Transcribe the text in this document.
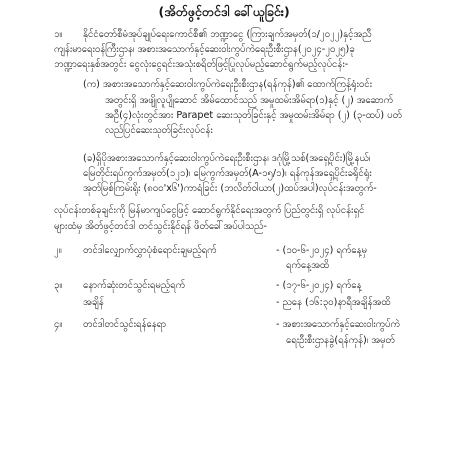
(အိတ်ဖွင့်တင်ဒါ ခေါ်ယူခြင်း)
၁။ နိုင်ငံတော်စီမံအုပ်ချုပ်ရေးကောင်စီ၏ ဘဏ္ဍာငွေ (ကြားချက်အမှတ်(၁/၂၀၂၂)နှင့်အညီ
ကျန်းမာရေးဝန်ကြီးဌာန၊ အစားအသောက်နှင့်ဆေးဝါးကွပ်ကဲရေးဦးစီးဌာန(၂၀၂၄-၂၀၂၅)ခု
ဘဏ္ဍာရေးနှစ်အတွင်း ငွေလုံးငွေရင်းအသုံးစရိတ်ဖြင့်ပြုလုပ်မည့်ဆောင်ရွက်မည့်လုပ်ငန်း-
(က) အစားအသောက်နှင့်ဆေးဝါးကွပ်ကဲရေးဦးစီးဌာန(ရန်ကုန်)၏ ထောက်ကြန့်ရုံးဝင်း
အတွင်းရှိ အဖျိုလူပျိုဆောင် အိမ်ထောင်သည် အမှုထမ်းအိမ်ရာ(၁)နှင့် (၂) အဆောက်
အဦ(၄)လုံးတွင်အား Parapet ဆေးသုတ်ခြင်းနှင့် အမှုထမ်းအိမ်ရာ (၂) (၃-ထပ်) ပတ်
လည်ပြင်ဆေးသုတ်ခြင်းလုပ်ငန်း
(ခ)ရှိပိုအစားအသောက်နှင့်ဆေးဝါးကွပ်ကဲရေးဦးစီးဌာန၊ ဒဂုံမြို့သစ်(အရှေ့ပိုင်း)မြို့နယ်၊
မြေတိုင်းရပ်ကွက်အမှတ်(၁၂၁)၊ မြေကွက်အမှတ်(A-၁၅/၁)၊ ရန်ကုန်အရှေ့ပိုင်းခရိုင်ရုံး
အုတ်မြစ်ကြမ်းရိုး (၈၀၀'x၆')ကာရံခြင်း (ဘလိတ်ဝါယာ(၂)ထပ်အပါ)လုပ်ငန်းအတွက်-
လုပ်ငန်းတစ်ခုချင်းကို မြန်မာကျပ်ငွေဖြင့် ဆောင်ရွက်နိုင်ရေးအတွက် ပြည်တွင်းရှိ လုပ်ငန်းရှင်
များထံမှ အိတ်ဖွင့်တင်ဒါ တင်သွင်းနိုင်ရန် ဖိတ်ခေါ်အပ်ပါသည်-
၂။ တင်ဒါလျှောက်လွှာပုံစံရောင်းချမည့်ရက်	- (၁၀-၆-၂၀၂၄) ရက်နေ့မှ
ရက်နေ့အထိ
၃။ နောက်ဆုံးတင်သွင်းရမည့်ရက်	- (၁၇-၆-၂၀၂၄) ရက်နေ့
အချိန်	- ညနေ (၁၆:၃၀)နာရီအချိန်အထိ
၄။ တင်ဒါတင်သွင်းရန်နေရာ	- အစားအသောက်နှင့်ဆေးဝါးကွပ်ကဲ
ရေးဦးစီးဌာနခွဲ(ရန်ကုန်)၊ အမှတ်
